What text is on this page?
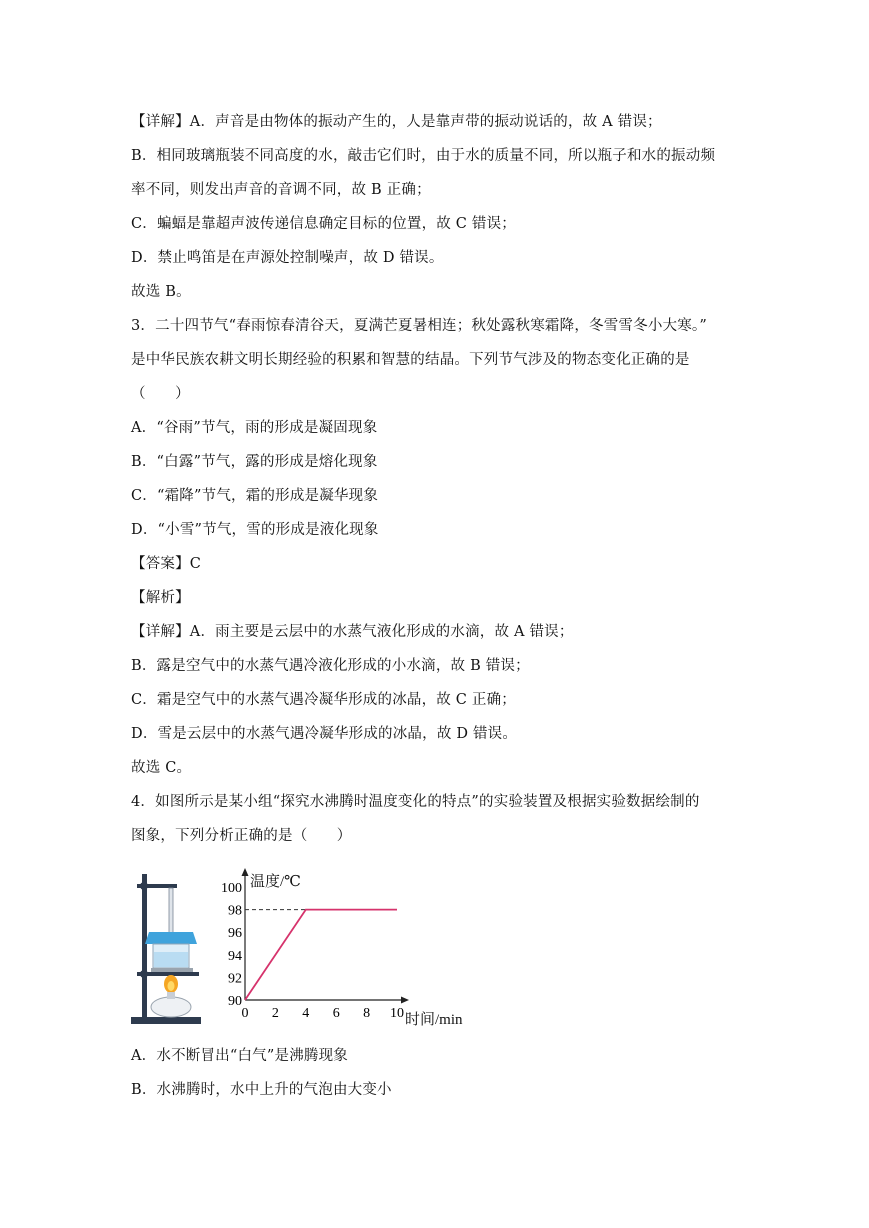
【详解】A．声音是由物体的振动产生的，人是靠声带的振动说话的，故 A 错误；
B．相同玻璃瓶装不同高度的水，敲击它们时，由于水的质量不同，所以瓶子和水的振动频
率不同，则发出声音的音调不同，故 B 正确；
C．蝙蝠是靠超声波传递信息确定目标的位置，故 C 错误；
D．禁止鸣笛是在声源处控制噪声，故 D 错误。
故选 B。
3．二十四节气“春雨惊春清谷天，夏满芒夏暑相连；秋处露秋寒霜降，冬雪雪冬小大寒。”
是中华民族农耕文明长期经验的积累和智慧的结晶。下列节气涉及的物态变化正确的是
（　　）
A．“谷雨”节气，雨的形成是凝固现象
B．“白露”节气，露的形成是熔化现象
C．“霜降”节气，霜的形成是凝华现象
D．“小雪”节气，雪的形成是液化现象
【答案】C
【解析】
【详解】A．雨主要是云层中的水蒸气液化形成的水滴，故 A 错误；
B．露是空气中的水蒸气遇冷液化形成的小水滴，故 B 错误；
C．霜是空气中的水蒸气遇冷凝华形成的冰晶，故 C 正确；
D．雪是云层中的水蒸气遇冷凝华形成的冰晶，故 D 错误。
故选 C。
4．如图所示是某小组“探究水沸腾时温度变化的特点”的实验装置及根据实验数据绘制的
图象，下列分析正确的是（　　）
温度/℃
时间/min
0 2 4 6 8 10
90
92
94
96
98
100
A．水不断冒出“白气”是沸腾现象
B．水沸腾时，水中上升的气泡由大变小
